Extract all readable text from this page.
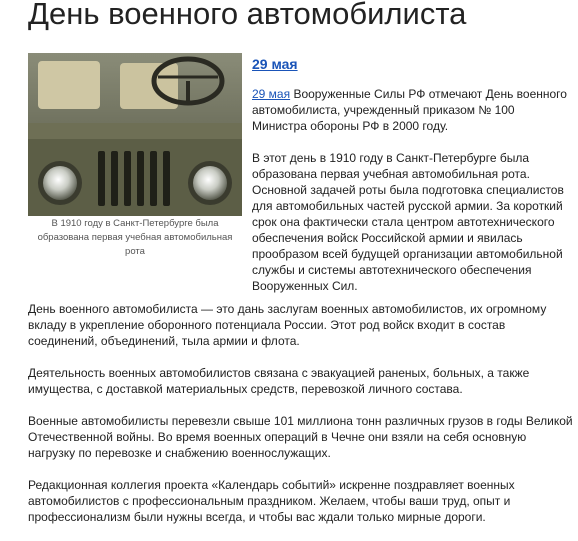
День военного автомобилиста
В 1910 году в Санкт-Петербурге была образована первая учебная автомобильная рота
29 мая

29 мая Вооруженные Силы РФ отмечают День военного автомобилиста, учрежденный приказом № 100 Министра обороны РФ в 2000 году.

В этот день в 1910 году в Санкт-Петербурге была образована первая учебная автомобильная рота. Основной задачей роты была подготовка специалистов для автомобильных частей русской армии. За короткий срок она фактически стала центром автотехнического обеспечения войск Российской армии и явилась прообразом всей будущей организации автомобильной службы и системы автотехнического обеспечения Вооруженных Сил.

День военного автомобилиста — это дань заслугам военных автомобилистов, их огромному вкладу в укрепление оборонного потенциала России. Этот род войск входит в состав соединений, объединений, тыла армии и флота.

Деятельность военных автомобилистов связана с эвакуацией раненых, больных, а также имущества, с доставкой материальных средств, перевозкой личного состава.

Военные автомобилисты перевезли свыше 101 миллиона тонн различных грузов в годы Великой Отечественной войны. Во время военных операций в Чечне они взяли на себя основную нагрузку по перевозке и снабжению военнослужащих.

Редакционная коллегия проекта «Календарь событий» искренне поздравляет военных автомобилистов с профессиональным праздником. Желаем, чтобы ваши труд, опыт и профессионализм были нужны всегда, и чтобы вас ждали только мирные дороги.
